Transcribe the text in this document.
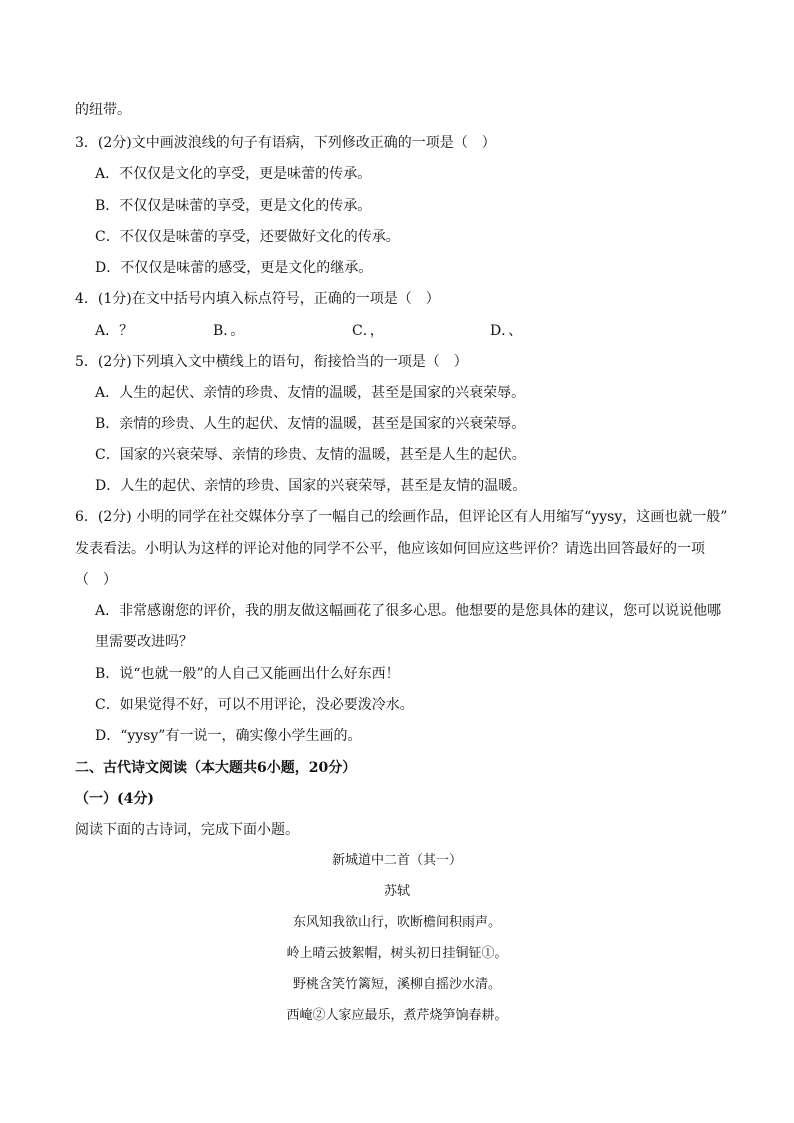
的纽带。
3．(2分)文中画波浪线的句子有语病，下列修改正确的一项是（　）
A．不仅仅是文化的享受，更是味蕾的传承。
B．不仅仅是味蕾的享受，更是文化的传承。
C．不仅仅是味蕾的享受，还要做好文化的传承。
D．不仅仅是味蕾的感受，更是文化的继承。
4．(1分)在文中括号内填入标点符号，正确的一项是（　）
A．？	B．。	C．，	D．、
5．(2分)下列填入文中横线上的语句，衔接恰当的一项是（　）
A．人生的起伏、亲情的珍贵、友情的温暖，甚至是国家的兴衰荣辱。
B．亲情的珍贵、人生的起伏、友情的温暖，甚至是国家的兴衰荣辱。
C．国家的兴衰荣辱、亲情的珍贵、友情的温暖，甚至是人生的起伏。
D．人生的起伏、亲情的珍贵、国家的兴衰荣辱，甚至是友情的温暖。
6．(2分) 小明的同学在社交媒体分享了一幅自己的绘画作品，但评论区有人用缩写“yysy，这画也就一般”
发表看法。小明认为这样的评论对他的同学不公平，他应该如何回应这些评价？请选出回答最好的一项
（　）
A．非常感谢您的评价，我的朋友做这幅画花了很多心思。他想要的是您具体的建议，您可以说说他哪
里需要改进吗？
B．说“也就一般”的人自己又能画出什么好东西！
C．如果觉得不好，可以不用评论，没必要泼冷水。
D．“yysy”有一说一，确实像小学生画的。
二、古代诗文阅读（本大题共6小题，20分）
（一）(4分)
阅读下面的古诗词，完成下面小题。
新城道中二首（其一）
苏轼
东风知我欲山行，吹断檐间积雨声。
岭上晴云披絮帽，树头初日挂铜钲①。
野桃含笑竹篱短，溪柳自摇沙水清。
西崦②人家应最乐，煮芹烧笋饷春耕。
